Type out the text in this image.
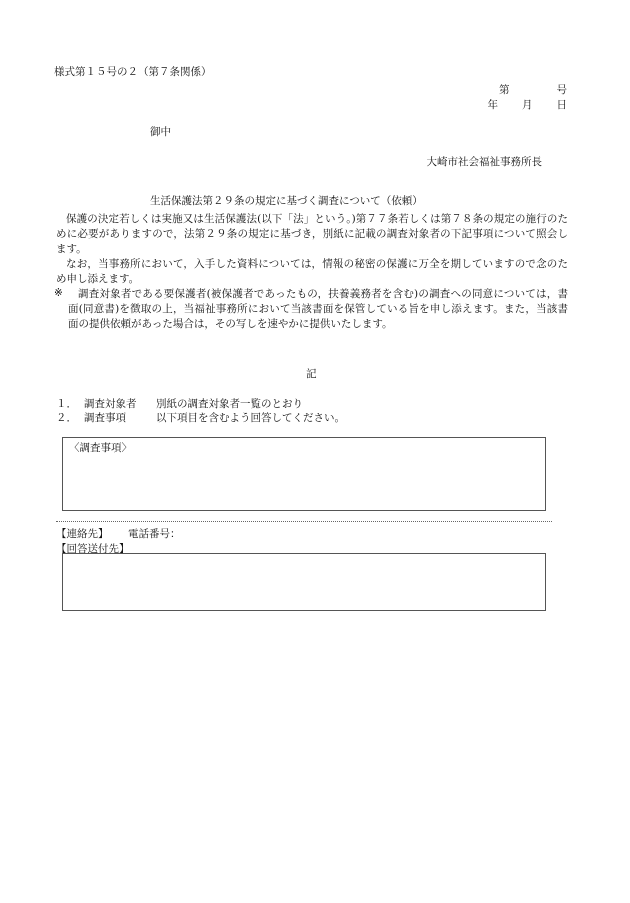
様式第１５号の２（第７条関係）
第　　　　号
年　　月　　日
御中
大崎市社会福祉事務所長
生活保護法第２９条の規定に基づく調査について（依頼）
保護の決定若しくは実施又は生活保護法(以下「法」という。)第７７条若しくは第７８条の規定の施行のために必要がありますので，法第２９条の規定に基づき，別紙に記載の調査対象者の下記事項について照会します。
なお，当事務所において，入手した資料については，情報の秘密の保護に万全を期していますので念のため申し添えます。
※	調査対象者である要保護者(被保護者であったもの，扶養義務者を含む)の調査への同意については，書面(同意書)を徴取の上，当福祉事務所において当該書面を保管している旨を申し添えます。また，当該書面の提供依頼があった場合は，その写しを速やかに提供いたします。
記
１． 調査対象者 別紙の調査対象者一覧のとおり
２． 調査事項	以下項目を含むよう回答してください。
〈調査事項〉
【連絡先】 電話番号：
【回答送付先】
